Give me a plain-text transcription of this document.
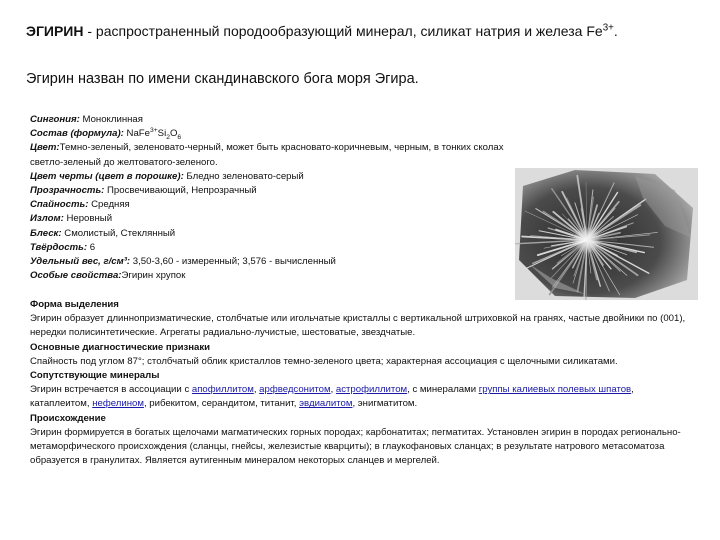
ЭГИРИН - распространенный породообразующий минерал, силикат натрия и железа $Fe^{3+}$.
Эгирин назван по имени скандинавского бога моря Эгира.
Сингония: Моноклинная
Состав (формула): $NaFe^{3+}Si_2O_6$
Цвет:Темно-зеленый, зеленовато-черный, может быть красновато-коричневым, черным, в тонких сколах светло-зеленый до желтоватого-зеленого.
Цвет черты (цвет в порошке): Бледно зеленовато-серый
Прозрачность: Просвечивающий, Непрозрачный
Спайность: Средняя
Излом: Неровный
Блеск: Смолистый, Стеклянный
Твёрдость: 6
Удельный вес, г/см³: 3,50-3,60 - измеренный; 3,576 - вычисленный
Особые свойства:Эгирин хрупок
Форма выделения
Эгирин образует длиннопризматические, столбчатые или игольчатые кристаллы с вертикальной штриховкой на гранях, частые двойники по (001), нередки полисинтетические. Агрегаты радиально-лучистые, шестоватые, звездчатые.
Основные диагностические признаки
Спайность под углом 87°; столбчатый облик кристаллов темно-зеленого цвета; характерная ассоциация с щелочными силикатами.
Сопутствующие минералы
Эгирин встречается в ассоциации с апофиллитом, арфведсонитом, астрофиллитом, с минералами группы калиевых полевых шпатов, катаплеитом, нефелином, рибекитом, серандитом, титанит, эвдиалитом, энигматитом.
Происхождение
Эгирин формируется в богатых щелочами магматических горных породах; карбонатитах; пегматитах. Установлен эгирин в породах регионально-метаморфического происхождения (сланцы, гнейсы, железистые кварциты); в глаукофановых сланцах; в результате натрового метасоматоза образуется в гранулитах. Является аутигенным минералом некоторых сланцев и мергелей.
